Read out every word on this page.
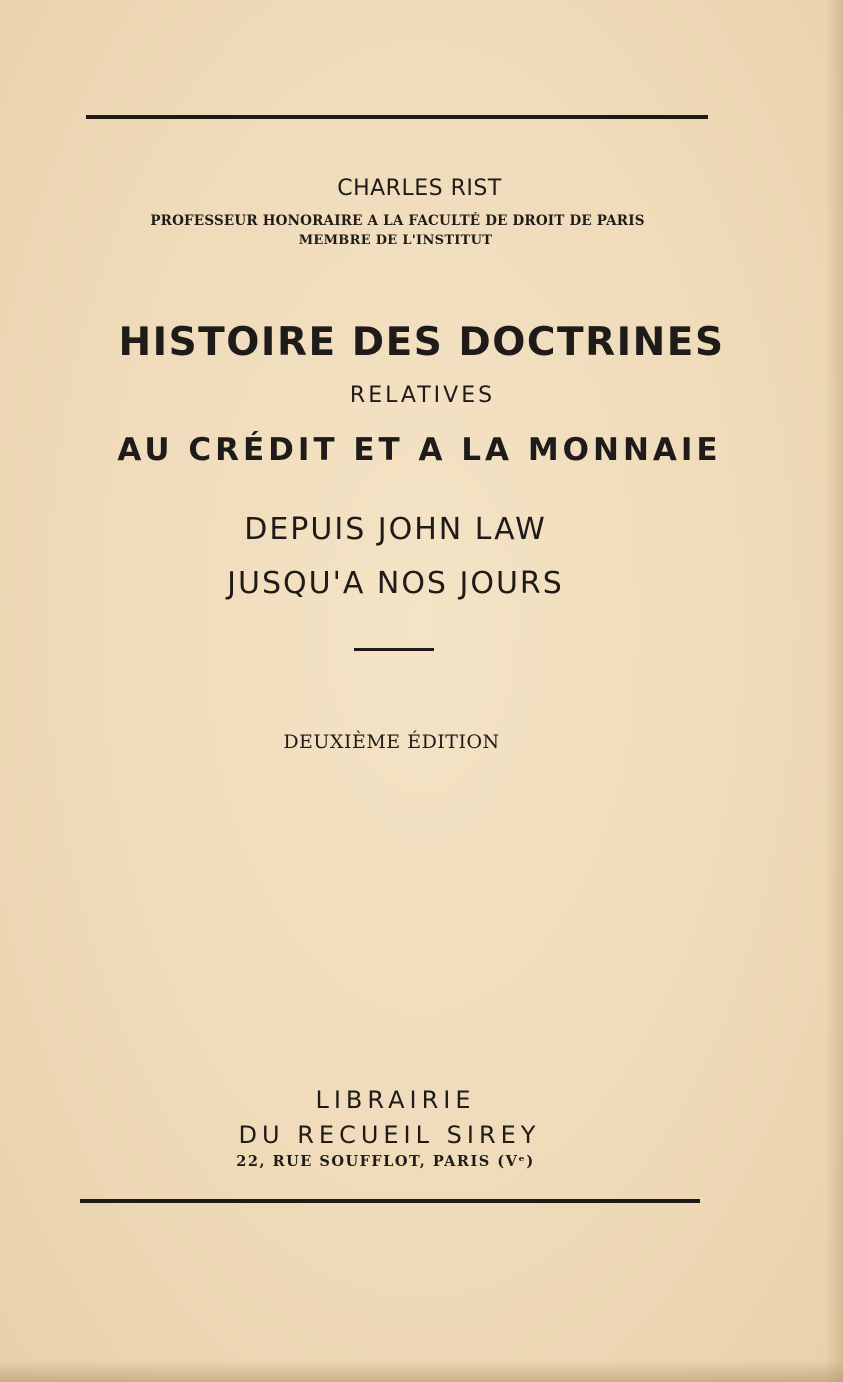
CHARLES RIST
PROFESSEUR HONORAIRE A LA FACULTÉ DE DROIT DE PARIS
MEMBRE DE L'INSTITUT
HISTOIRE DES DOCTRINES
RELATIVES
AU CRÉDIT ET A LA MONNAIE
DEPUIS JOHN LAW
JUSQU'A NOS JOURS
DEUXIÈME ÉDITION
LIBRAIRIE
DU RECUEIL SIREY
22, RUE SOUFFLOT, PARIS (Vᵉ)
